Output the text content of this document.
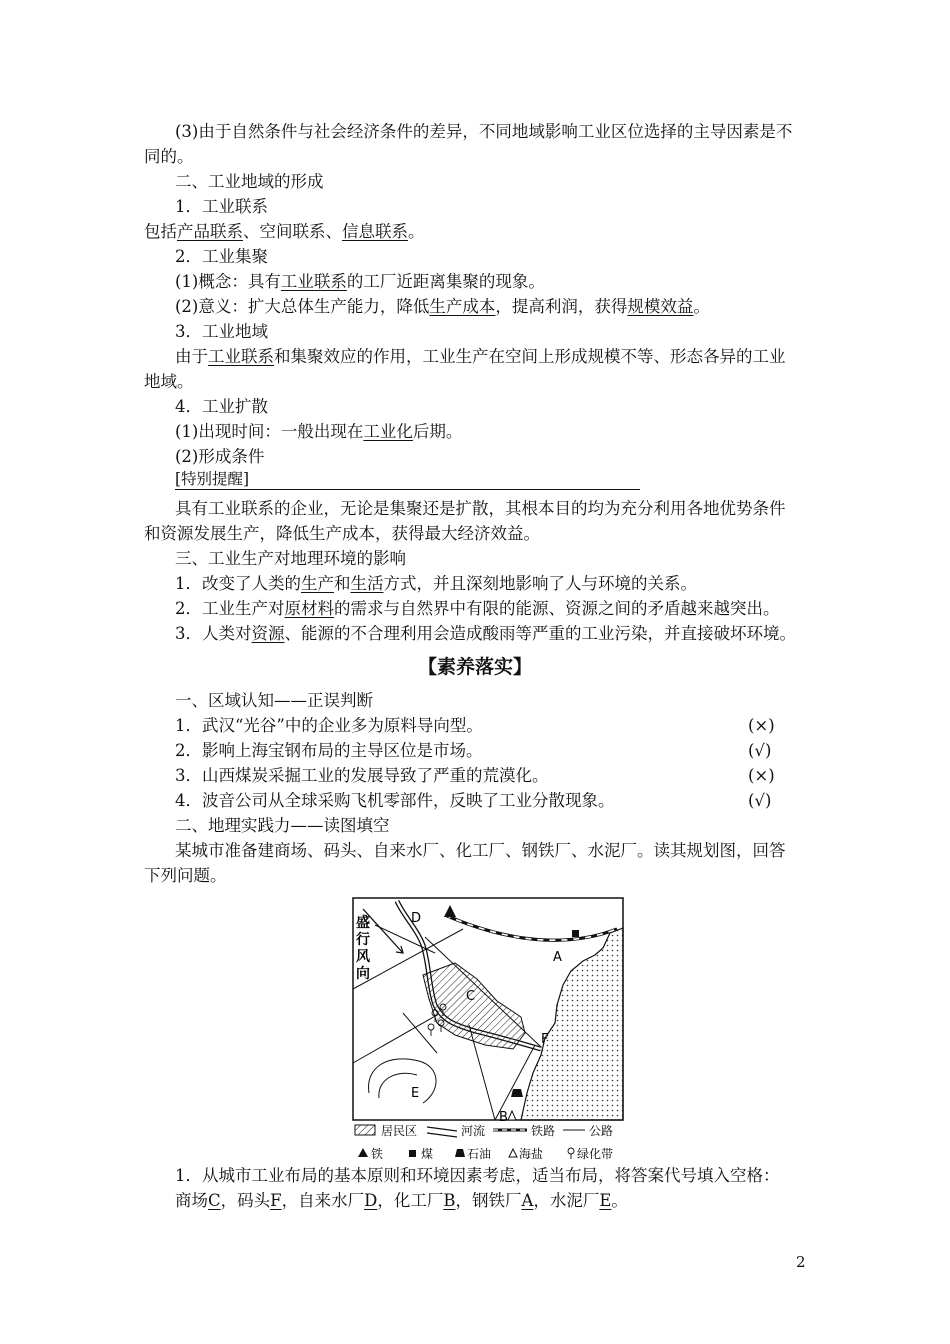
(3)由于自然条件与社会经济条件的差异，不同地域影响工业区位选择的主导因素是不
同的。
二、工业地域的形成
1．工业联系
包括产品联系、空间联系、信息联系。
2．工业集聚
(1)概念：具有工业联系的工厂近距离集聚的现象。
(2)意义：扩大总体生产能力，降低生产成本，提高利润，获得规模效益。
3．工业地域
由于工业联系和集聚效应的作用，工业生产在空间上形成规模不等、形态各异的工业
地域。
4．工业扩散
(1)出现时间：一般出现在工业化后期。
(2)形成条件
[特别提醒]
具有工业联系的企业，无论是集聚还是扩散，其根本目的均为充分利用各地优势条件
和资源发展生产，降低生产成本，获得最大经济效益。
三、工业生产对地理环境的影响
1．改变了人类的生产和生活方式，并且深刻地影响了人与环境的关系。
2．工业生产对原材料的需求与自然界中有限的能源、资源之间的矛盾越来越突出。
3．人类对资源、能源的不合理利用会造成酸雨等严重的工业污染，并直接破坏环境。
【素养落实】
一、区域认知——正误判断
1．武汉“光谷”中的企业多为原料导向型。	(×)
2．影响上海宝钢布局的主导区位是市场。	(√)
3．山西煤炭采掘工业的发展导致了严重的荒漠化。	(×)
4．波音公司从全球采购飞机零部件，反映了工业分散现象。	(√)
二、地理实践力——读图填空
某城市准备建商场、码头、自来水厂、化工厂、钢铁厂、水泥厂。读其规划图，回答
下列问题。
盛
行
风
向
D
A
C
F
E
B
居民区	河流	铁路	公路
铁	煤	石油 海盐	绿化带
1．从城市工业布局的基本原则和环境因素考虑，适当布局，将答案代号填入空格：
商场C，码头F，自来水厂D，化工厂B，钢铁厂A，水泥厂E。
2
